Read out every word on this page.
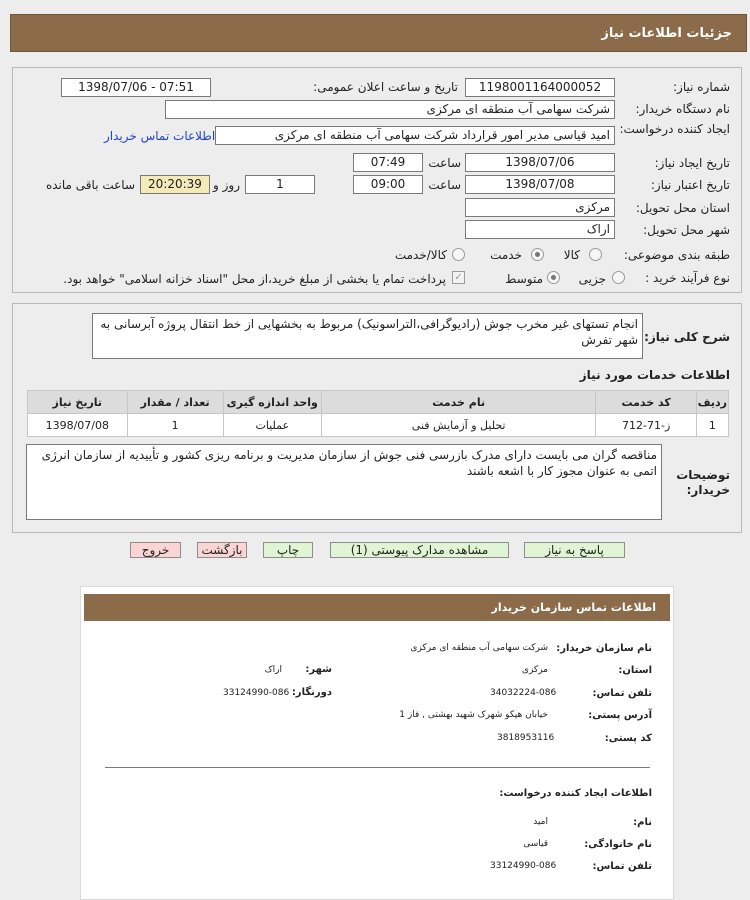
جزئیات اطلاعات نیاز
شماره نیاز:
1198001164000052
تاریخ و ساعت اعلان عمومی:
1398/07/06 - 07:51
نام دستگاه خریدار:
شرکت سهامی آب منطقه ای مرکزی
ایجاد کننده درخواست:
امید قیاسی مدیر امور قرارداد شرکت سهامی آب منطقه ای مرکزی
اطلاعات تماس خریدار
تاریخ ایجاد نیاز:
1398/07/06
ساعت
07:49
تاریخ اعتبار نیاز:
1398/07/08
ساعت
09:00
1
روز و
20:20:39
ساعت باقی مانده
استان محل تحویل:
مرکزی
شهر محل تحویل:
اراک
طبقه بندی موضوعی:
کالا
خدمت
کالا/خدمت
نوع فرآیند خرید :
جزیی
متوسط
✓
پرداخت تمام یا بخشی از مبلغ خرید،از محل "اسناد خزانه اسلامی" خواهد بود.
شرح کلی نیاز:
انجام تستهای غیر مخرب جوش (رادیوگرافی،التراسونیک) مربوط به بخشهایی از خط انتقال پروژه آبرسانی به شهر تفرش
اطلاعات خدمات مورد نیاز
ردیف	کد خدمت	نام خدمت	واحد اندازه گیری	تعداد / مقدار	تاریخ نیاز
1	ز-71-712	تحلیل و آزمایش فنی	عملیات	1	1398/07/08
توضیحات خریدار:
مناقصه گران می بایست دارای مدرک بازرسی فنی جوش از سازمان مدیریت و برنامه ریزی کشور و تأییدیه از سازمان انرژی اتمی به عنوان مجوز کار با اشعه باشند
پاسخ به نیاز
مشاهده مدارک پیوستی (1)
چاپ
بازگشت
خروج
اطلاعات تماس سازمان خریدار
نام سازمان خریدار:
شرکت سهامی آب منطقه ای مرکزی
استان:
مرکزی
شهر:
اراک
تلفن تماس:
34032224-086
دورنگار:
33124990-086
آدرس پستی:
خیابان هپکو شهرک شهید بهشتی , فاز 1
کد پستی:
3818953116
اطلاعات ایجاد کننده درخواست:
نام:
امید
نام خانوادگی:
قیاسی
تلفن تماس:
33124990-086
